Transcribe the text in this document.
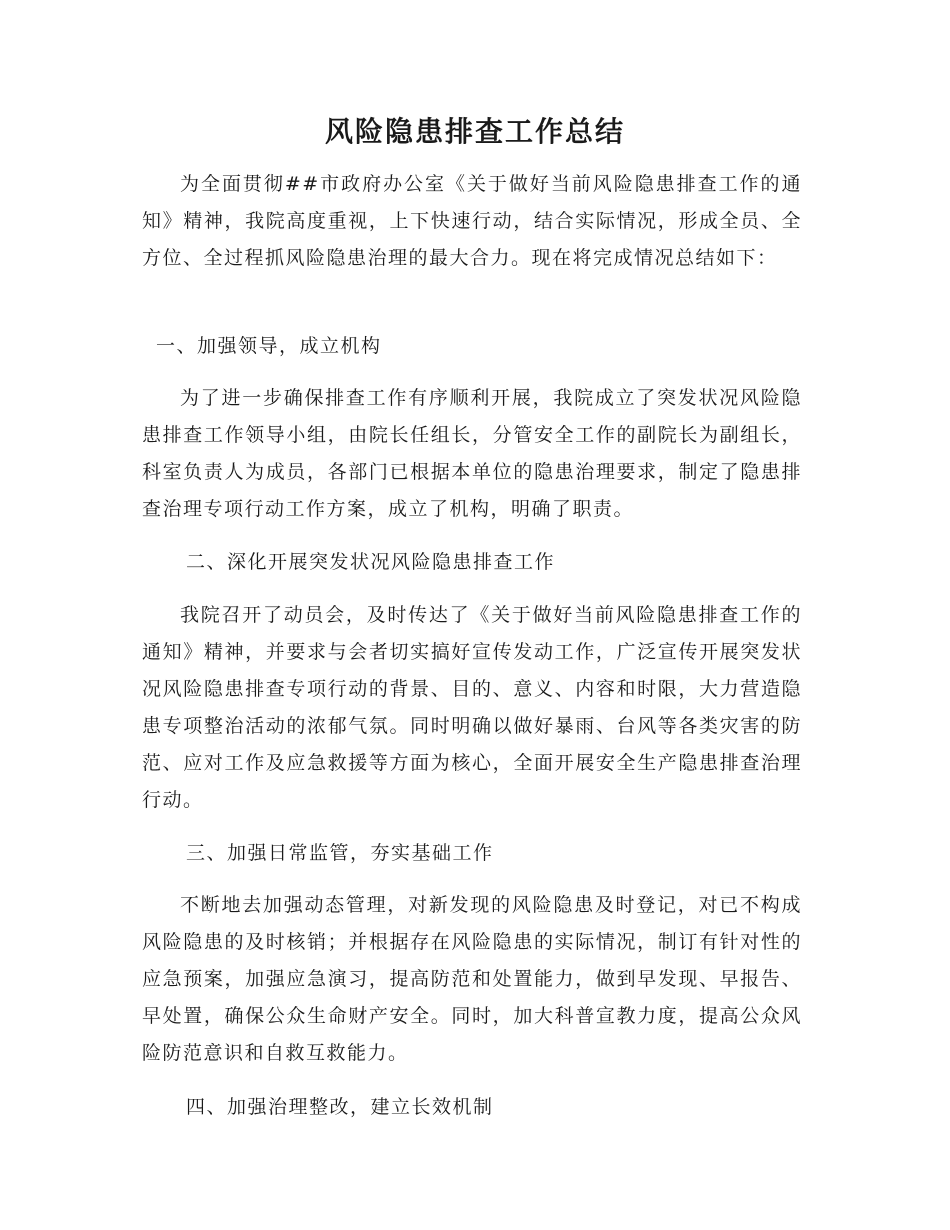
风险隐患排查工作总结

为全面贯彻##市政府办公室《关于做好当前风险隐患排查工作的通知》精神，我院高度重视，上下快速行动，结合实际情况，形成全员、全方位、全过程抓风险隐患治理的最大合力。现在将完成情况总结如下：

一、加强领导，成立机构

为了进一步确保排查工作有序顺利开展，我院成立了突发状况风险隐患排查工作领导小组，由院长任组长，分管安全工作的副院长为副组长，科室负责人为成员，各部门已根据本单位的隐患治理要求，制定了隐患排查治理专项行动工作方案，成立了机构，明确了职责。

二、深化开展突发状况风险隐患排查工作

我院召开了动员会，及时传达了《关于做好当前风险隐患排查工作的通知》精神，并要求与会者切实搞好宣传发动工作，广泛宣传开展突发状况风险隐患排查专项行动的背景、目的、意义、内容和时限，大力营造隐患专项整治活动的浓郁气氛。同时明确以做好暴雨、台风等各类灾害的防范、应对工作及应急救援等方面为核心，全面开展安全生产隐患排查治理行动。

三、加强日常监管，夯实基础工作

不断地去加强动态管理，对新发现的风险隐患及时登记，对已不构成风险隐患的及时核销；并根据存在风险隐患的实际情况，制订有针对性的应急预案，加强应急演习，提高防范和处置能力，做到早发现、早报告、早处置，确保公众生命财产安全。同时，加大科普宣教力度，提高公众风险防范意识和自救互救能力。

四、加强治理整改，建立长效机制
